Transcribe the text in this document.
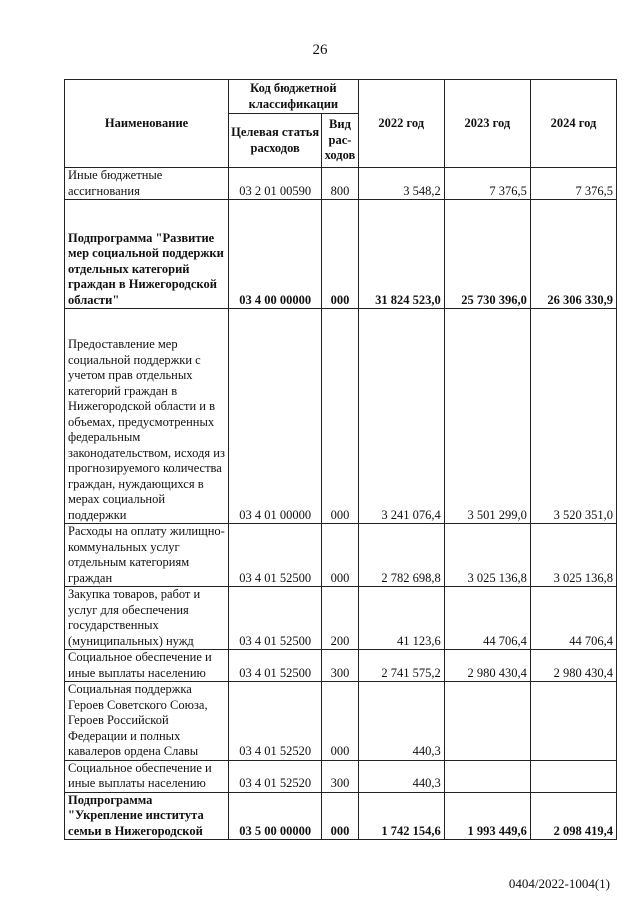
26
Наименование	Код бюджетной классификации		2022 год	2023 год	2024 год
	Целевая статья расходов	Вид рас-ходов			
Иные бюджетные ассигнования	03 2 01 00590	800	3 548,2	7 376,5	7 376,5
Подпрограмма "Развитие мер социальной поддержки отдельных категорий граждан в Нижегородской области"	03 4 00 00000	000	31 824 523,0	25 730 396,0	26 306 330,9
Предоставление мер социальной поддержки с учетом прав отдельных категорий граждан в Нижегородской области и в объемах, предусмотренных федеральным законодательством, исходя из прогнозируемого количества граждан, нуждающихся в мерах социальной поддержки	03 4 01 00000	000	3 241 076,4	3 501 299,0	3 520 351,0
Расходы на оплату жилищно-коммунальных услуг отдельным категориям граждан	03 4 01 52500	000	2 782 698,8	3 025 136,8	3 025 136,8
Закупка товаров, работ и услуг для обеспечения государственных (муниципальных) нужд	03 4 01 52500	200	41 123,6	44 706,4	44 706,4
Социальное обеспечение и иные выплаты населению	03 4 01 52500	300	2 741 575,2	2 980 430,4	2 980 430,4
Социальная поддержка Героев Советского Союза, Героев Российской Федерации и полных кавалеров ордена Славы	03 4 01 52520	000	440,3		
Социальное обеспечение и иные выплаты населению	03 4 01 52520	300	440,3		
Подпрограмма "Укрепление института семьи в Нижегородской	03 5 00 00000	000	1 742 154,6	1 993 449,6	2 098 419,4
0404/2022-1004(1)
